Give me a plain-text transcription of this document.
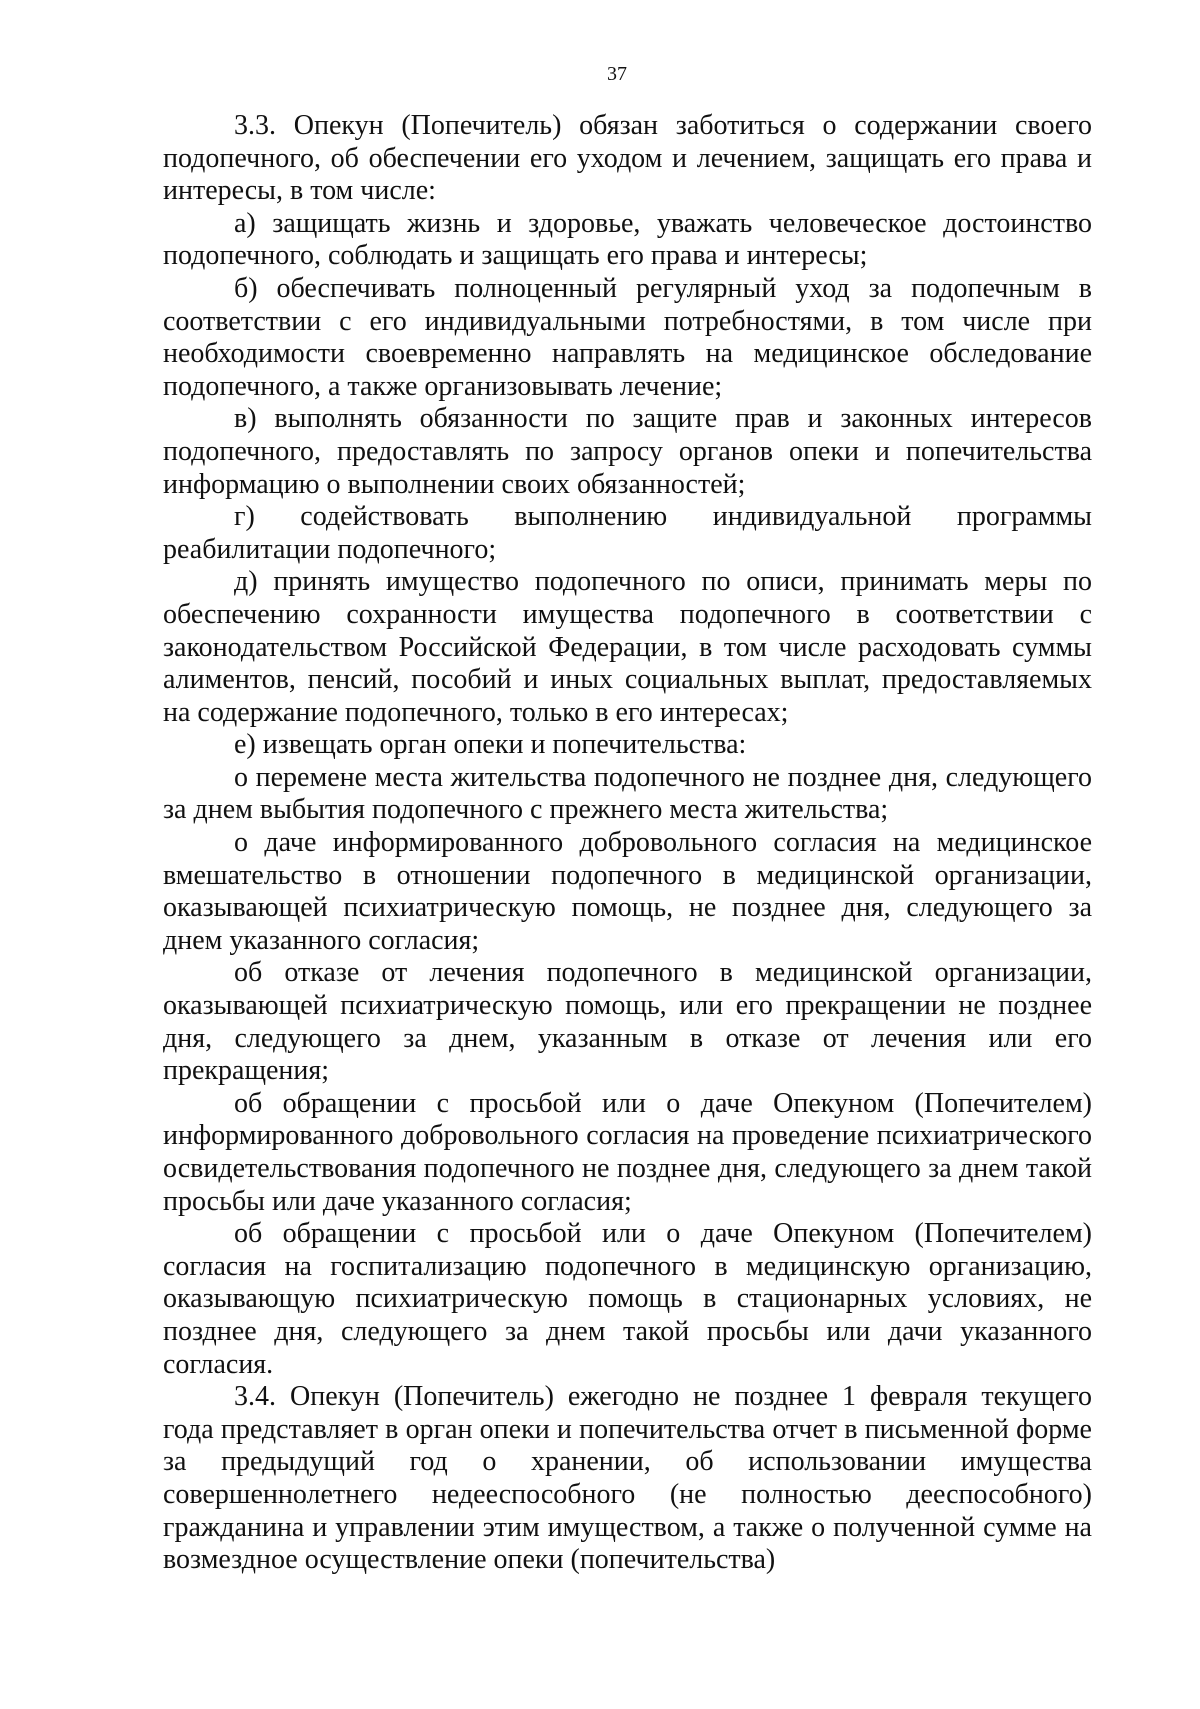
37

3.3. Опекун (Попечитель) обязан заботиться о содержании своего подопечного, об обеспечении его уходом и лечением, защищать его права и интересы, в том числе:

а) защищать жизнь и здоровье, уважать человеческое достоинство подопечного, соблюдать и защищать его права и интересы;

б) обеспечивать полноценный регулярный уход за подопечным в соответствии с его индивидуальными потребностями, в том числе при необходимости своевременно направлять на медицинское обследование подопечного, а также организовывать лечение;

в) выполнять обязанности по защите прав и законных интересов подопечного, предоставлять по запросу органов опеки и попечительства информацию о выполнении своих обязанностей;

г) содействовать выполнению индивидуальной программы реабилитации подопечного;

д) принять имущество подопечного по описи, принимать меры по обеспечению сохранности имущества подопечного в соответствии с законодательством Российской Федерации, в том числе расходовать суммы алиментов, пенсий, пособий и иных социальных выплат, предоставляемых на содержание подопечного, только в его интересах;

е) извещать орган опеки и попечительства:

о перемене места жительства подопечного не позднее дня, следующего за днем выбытия подопечного с прежнего места жительства;

о даче информированного добровольного согласия на медицинское вмешательство в отношении подопечного в медицинской организации, оказывающей психиатрическую помощь, не позднее дня, следующего за днем указанного согласия;

об отказе от лечения подопечного в медицинской организации, оказывающей психиатрическую помощь, или его прекращении не позднее дня, следующего за днем, указанным в отказе от лечения или его прекращения;

об обращении с просьбой или о даче Опекуном (Попечителем) информированного добровольного согласия на проведение психиатрического освидетельствования подопечного не позднее дня, следующего за днем такой просьбы или даче указанного согласия;

об обращении с просьбой или о даче Опекуном (Попечителем) согласия на госпитализацию подопечного в медицинскую организацию, оказывающую психиатрическую помощь в стационарных условиях, не позднее дня, следующего за днем такой просьбы или дачи указанного согласия.

3.4. Опекун (Попечитель) ежегодно не позднее 1 февраля текущего года представляет в орган опеки и попечительства отчет в письменной форме за предыдущий год о хранении, об использовании имущества совершеннолетнего недееспособного (не полностью дееспособного) гражданина и управлении этим имуществом, а также о полученной сумме на возмездное осуществление опеки (попечительства)
